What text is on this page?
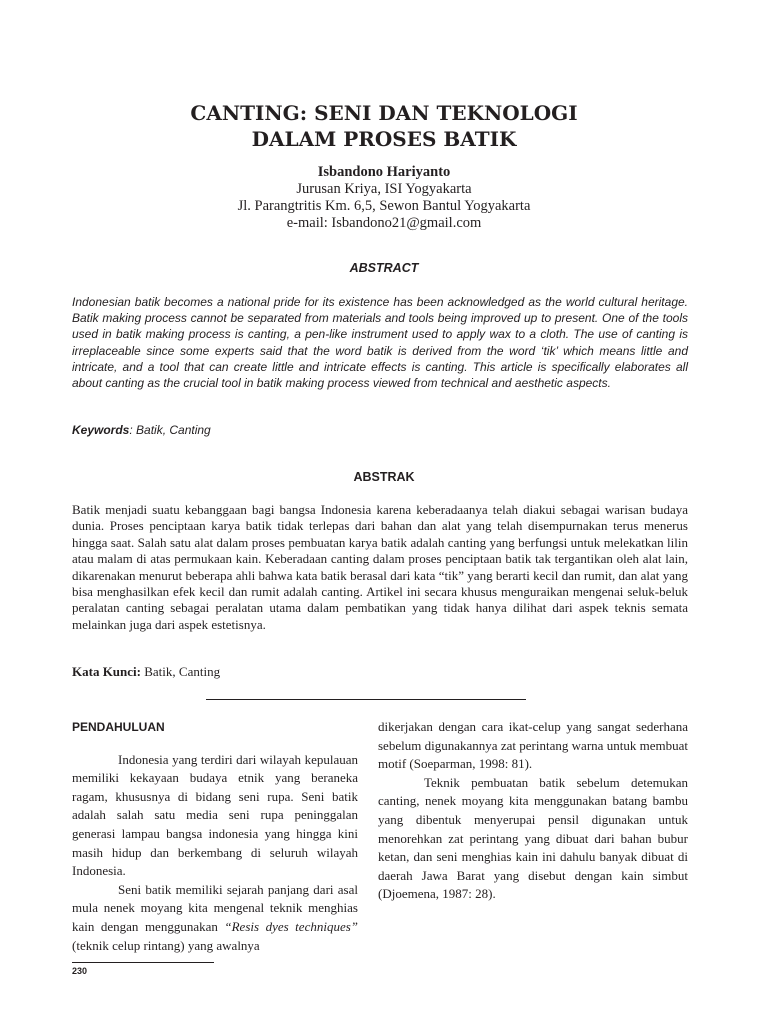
CANTING: SENI DAN TEKNOLOGI
DALAM PROSES BATIK
Isbandono Hariyanto
Jurusan Kriya, ISI Yogyakarta
Jl. Parangtritis Km. 6,5, Sewon Bantul Yogyakarta
e-mail: Isbandono21@gmail.com
ABSTRACT
Indonesian batik becomes a national pride for its existence has been acknowledged as the world cultural heritage. Batik making process cannot be separated from materials and tools being improved up to present. One of the tools used in batik making process is canting, a pen-like instrument used to apply wax to a cloth. The use of canting is irreplaceable since some experts said that the word batik is derived from the word ‘tik’ which means little and intricate, and a tool that can create little and intricate effects is canting. This article is specifically elaborates all about canting as the crucial tool in batik making process viewed from technical and aesthetic aspects.
Keywords: Batik, Canting
ABSTRAK
Batik menjadi suatu kebanggaan bagi bangsa Indonesia karena keberadaanya telah diakui sebagai warisan budaya dunia. Proses penciptaan karya batik tidak terlepas dari bahan dan alat yang telah disempurnakan terus menerus hingga saat. Salah satu alat dalam proses pembuatan karya batik adalah canting yang berfungsi untuk melekatkan lilin atau malam di atas permukaan kain. Keberadaan canting dalam proses penciptaan batik tak tergantikan oleh alat lain, dikarenakan menurut beberapa ahli bahwa kata batik berasal dari kata “tik” yang berarti kecil dan rumit, dan alat yang bisa menghasilkan efek kecil dan rumit adalah canting. Artikel ini secara khusus menguraikan mengenai seluk-beluk peralatan canting sebagai peralatan utama dalam pembatikan yang tidak hanya dilihat dari aspek teknis semata melainkan juga dari aspek estetisnya.
Kata Kunci: Batik, Canting
PENDAHULUAN

Indonesia yang terdiri dari wilayah kepulauan memiliki kekayaan budaya etnik yang beraneka ragam, khususnya di bidang seni rupa. Seni batik adalah salah satu media seni rupa peninggalan generasi lampau bangsa indonesia yang hingga kini masih hidup dan berkembang di seluruh wilayah Indonesia.

Seni batik memiliki sejarah panjang dari asal mula nenek moyang kita mengenal teknik menghias kain dengan menggunakan “Resis dyes techniques” (teknik celup rintang) yang awalnya

dikerjakan dengan cara ikat-celup yang sangat sederhana sebelum digunakannya zat perintang warna untuk membuat motif (Soeparman, 1998: 81).

Teknik pembuatan batik sebelum detemukan canting, nenek moyang kita menggunakan batang bambu yang dibentuk menyerupai pensil digunakan untuk menorehkan zat perintang yang dibuat dari bahan bubur ketan, dan seni menghias kain ini dahulu banyak dibuat di daerah Jawa Barat yang disebut dengan kain simbut (Djoemena, 1987: 28).

230
